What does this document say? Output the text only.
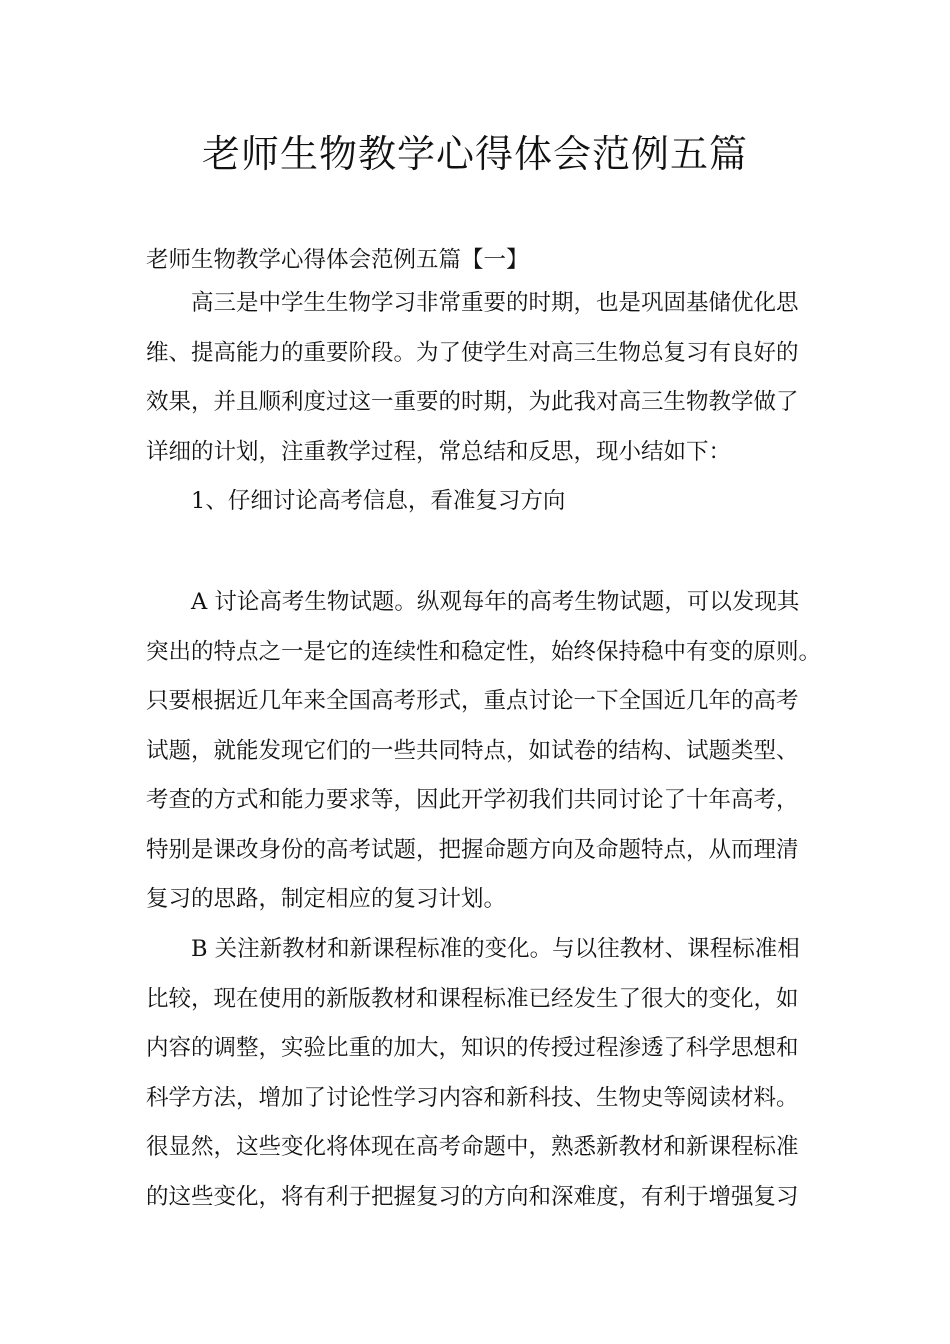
老师生物教学心得体会范例五篇
老师生物教学心得体会范例五篇【一】
高三是中学生生物学习非常重要的时期，也是巩固基储优化思
维、提高能力的重要阶段。为了使学生对高三生物总复习有良好的
效果，并且顺利度过这一重要的时期，为此我对高三生物教学做了
详细的计划，注重教学过程，常总结和反思，现小结如下：
1、仔细讨论高考信息，看准复习方向
A 讨论高考生物试题。纵观每年的高考生物试题，可以发现其
突出的特点之一是它的连续性和稳定性，始终保持稳中有变的原则。
只要根据近几年来全国高考形式，重点讨论一下全国近几年的高考
试题，就能发现它们的一些共同特点，如试卷的结构、试题类型、
考查的方式和能力要求等，因此开学初我们共同讨论了十年高考，
特别是课改身份的高考试题，把握命题方向及命题特点，从而理清
复习的思路，制定相应的复习计划。
B 关注新教材和新课程标准的变化。与以往教材、课程标准相
比较，现在使用的新版教材和课程标准已经发生了很大的变化，如
内容的调整，实验比重的加大，知识的传授过程渗透了科学思想和
科学方法，增加了讨论性学习内容和新科技、生物史等阅读材料。
很显然，这些变化将体现在高考命题中，熟悉新教材和新课程标准
的这些变化，将有利于把握复习的方向和深难度，有利于增强复习
